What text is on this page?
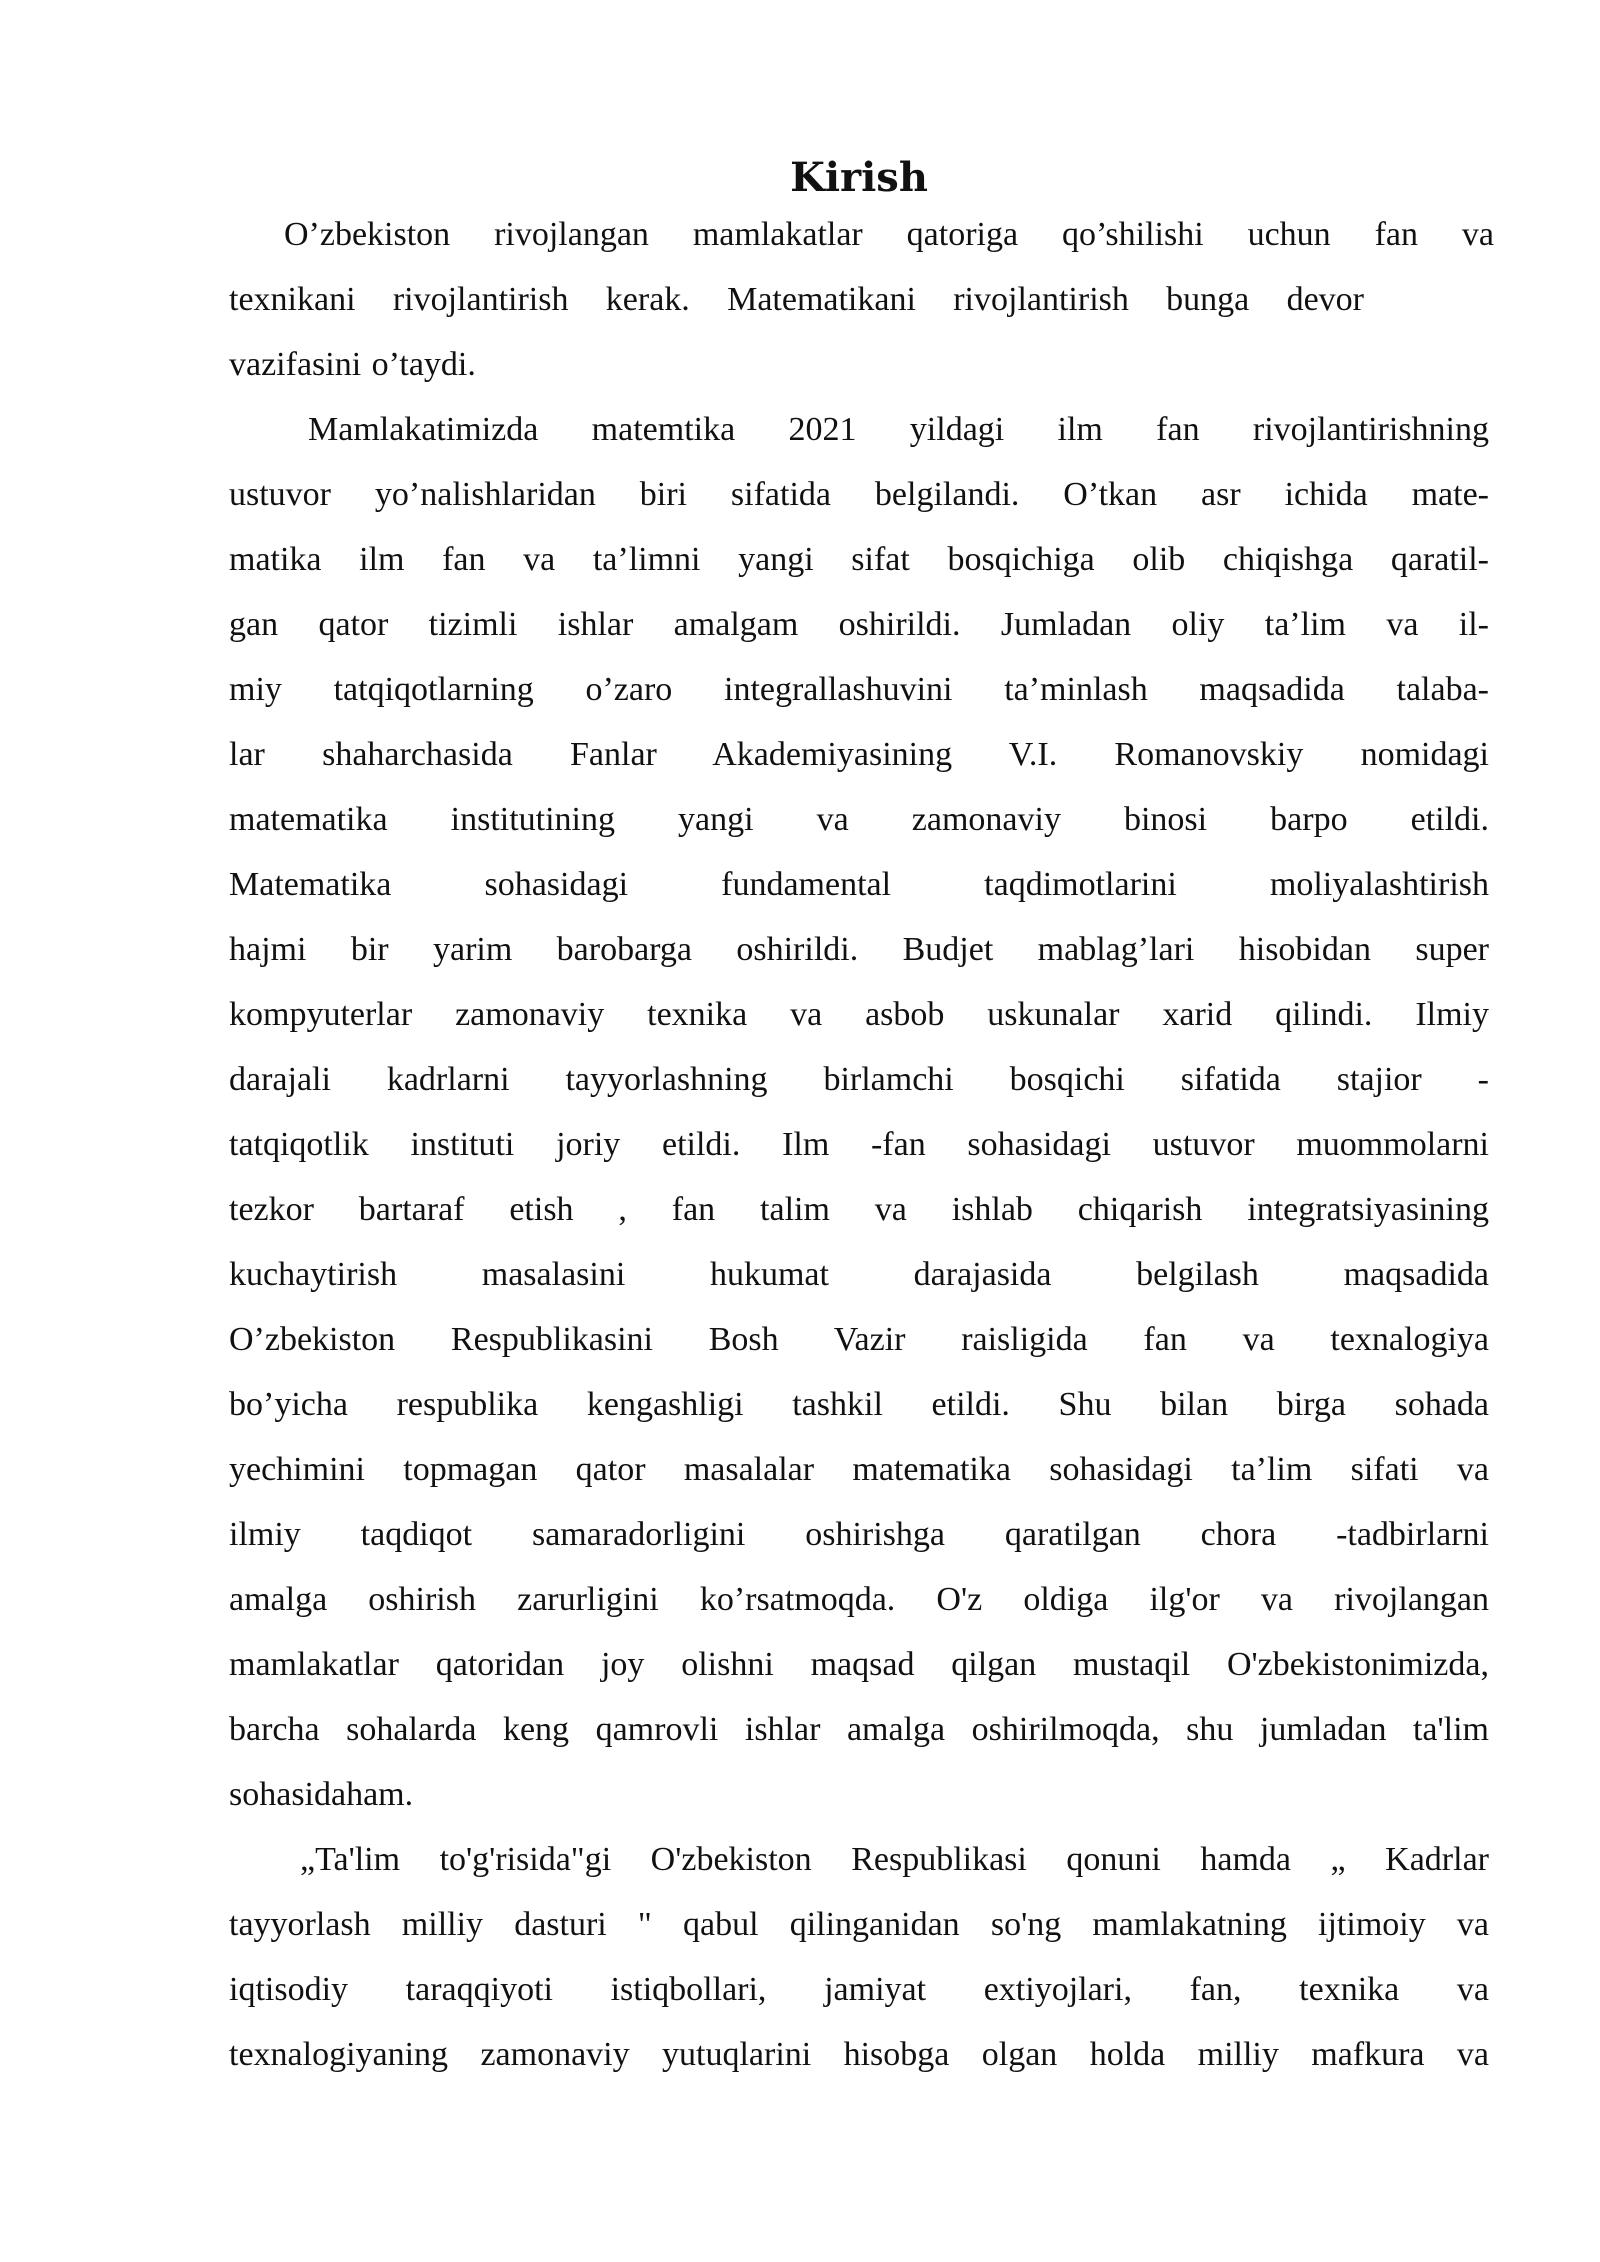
Kirish
O’zbekiston rivojlangan mamlakatlar qatoriga qo’shilishi uchun fan va
texnikani rivojlantirish kerak. Matematikani rivojlantirish bunga devor
vazifasini o’taydi.
Mamlakatimizda matemtika 2021 yildagi ilm fan rivojlantirishning
ustuvor yo’nalishlaridan biri sifatida belgilandi. O’tkan asr ichida mate-
matika ilm fan va ta’limni yangi sifat bosqichiga olib chiqishga qaratil-
gan qator tizimli ishlar amalgam oshirildi. Jumladan oliy ta’lim va il-
miy tatqiqotlarning o’zaro integrallashuvini ta’minlash maqsadida talaba-
lar shaharchasida Fanlar Akademiyasining V.I. Romanovskiy nomidagi
matematika institutining yangi va zamonaviy binosi barpo etildi.
Matematika sohasidagi fundamental taqdimotlarini moliyalashtirish
hajmi bir yarim barobarga oshirildi. Budjet mablag’lari hisobidan super
kompyuterlar zamonaviy texnika va asbob uskunalar xarid qilindi. Ilmiy
darajali kadrlarni tayyorlashning birlamchi bosqichi sifatida stajior -
tatqiqotlik instituti joriy etildi. Ilm -fan sohasidagi ustuvor muommolarni
tezkor bartaraf etish , fan talim va ishlab chiqarish integratsiyasining
kuchaytirish masalasini hukumat darajasida belgilash maqsadida
O’zbekiston Respublikasini Bosh Vazir raisligida fan va texnalogiya
bo’yicha respublika kengashligi tashkil etildi. Shu bilan birga sohada
yechimini topmagan qator masalalar matematika sohasidagi ta’lim sifati va
ilmiy taqdiqot samaradorligini oshirishga qaratilgan chora -tadbirlarni
amalga oshirish zarurligini ko’rsatmoqda. O'z oldiga ilg'or va rivojlangan
mamlakatlar qatoridan joy olishni maqsad qilgan mustaqil O'zbekistonimizda,
barcha sohalarda keng qamrovli ishlar amalga oshirilmoqda, shu jumladan ta'lim
sohasidaham.
„Ta'lim to'g'risida"gi O'zbekiston Respublikasi qonuni hamda „ Kadrlar
tayyorlash milliy dasturi " qabul qilinganidan so'ng mamlakatning ijtimoiy va
iqtisodiy taraqqiyoti istiqbollari, jamiyat extiyojlari, fan, texnika va
texnalogiyaning zamonaviy yutuqlarini hisobga olgan holda milliy mafkura va
